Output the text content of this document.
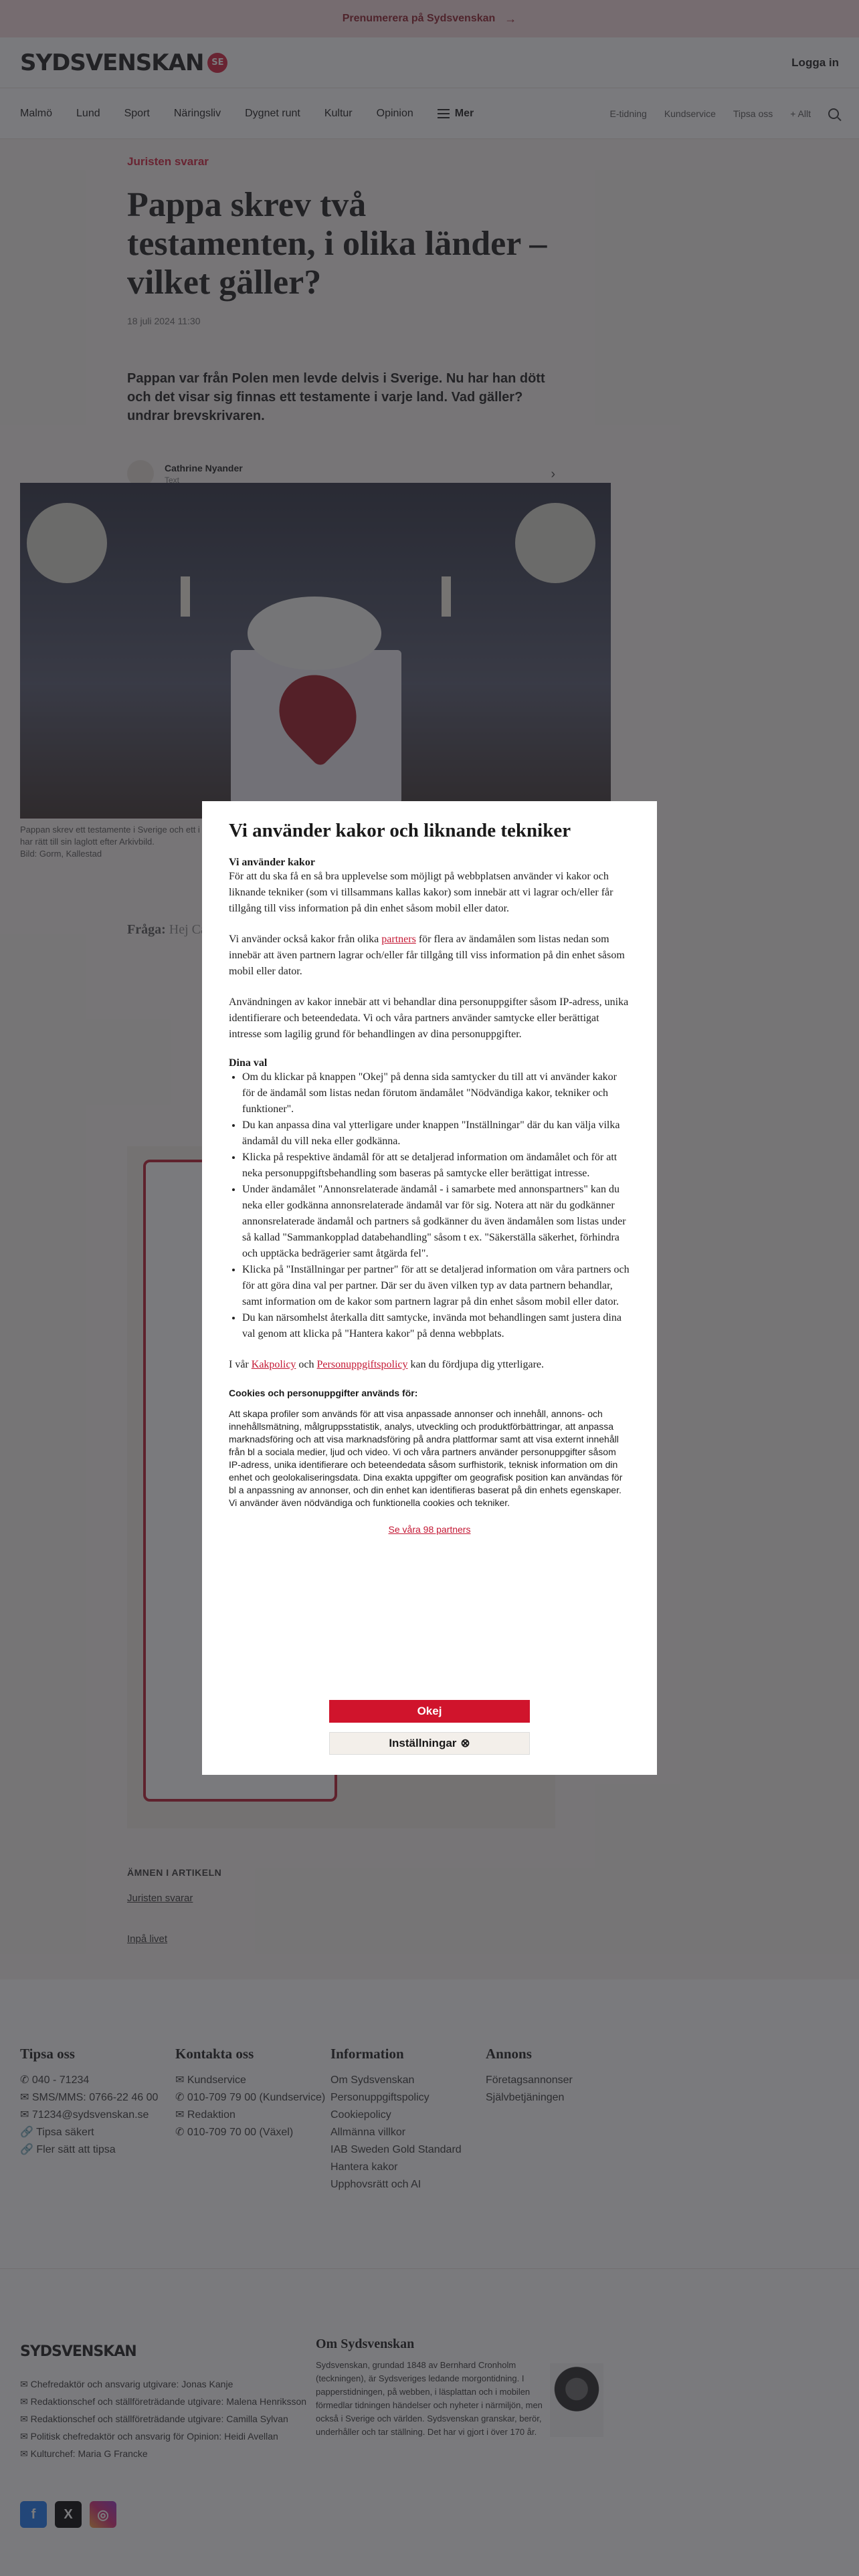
Vi använder kakor och liknande tekniker
Vi använder kakor

För att du ska få en så bra upplevelse som möjligt på webbplatsen använder vi kakor och liknande tekniker (som vi tillsammans kallas kakor) som innebär att vi lagrar och/eller får tillgång till viss information på din enhet såsom mobil eller dator.

Vi använder också kakor från olika partners för flera av ändamålen som listas nedan som innebär att även partnern lagrar och/eller får tillgång till viss information på din enhet såsom mobil eller dator.

Användningen av kakor innebär att vi behandlar dina personuppgifter såsom IP-adress, unika identifierare och beteendedata. Vi och våra partners använder samtycke eller berättigat intresse som lagilig grund för behandlingen av dina personuppgifter.

Dina val
• Om du klickar på knappen "Okej" på denna sida samtycker du till att vi använder kakor för de ändamål som listas nedan förutom ändamålet "Nödvändiga kakor, tekniker och funktioner".
• Du kan anpassa dina val ytterligare under knappen "Inställningar" där du kan välja vilka ändamål du vill neka eller godkänna.
• Klicka på respektive ändamål för att se detaljerad information om ändamålet och för att neka personuppgiftsbehandling som baseras på samtycke eller berättigat intresse.
• Under ändamålet "Annonsrelaterade ändamål - i samarbete med annonspartners" kan du neka eller godkänna annonsrelaterade ändamål var för sig. Notera att när du godkänner annonsrelaterade ändamål och partners så godkänner du även ändamålen som listas under så kallad "Sammankopplad databehandling" såsom t ex. "Säkerställa säkerhet, förhindra och upptäcka bedrägerier samt åtgärda fel".
• Klicka på "Inställningar per partner" för att se detaljerad information om våra partners och för att göra dina val per partner. Där ser du även vilken typ av data partnern behandlar, samt information om de kakor som partnern lagrar på din enhet såsom mobil eller dator.
• Du kan närsomhelst återkalla ditt samtycke, invända mot behandlingen samt justera dina val genom att klicka på "Hantera kakor" på denna webbplats.

I vår Kakpolicy och Personuppgiftspolicy kan du fördjupa dig ytterligare.

Cookies och personuppgifter används för:

Att skapa profiler som används för att visa anpassade annonser och innehåll, annons- och innehållsmätning, målgruppsstatistik, analys, utveckling och produktförbättringar, att anpassa marknadsföring och att visa marknadsföring på andra plattformar samt att visa externt innehåll från bl a sociala medier, ljud och video. Vi och våra partners använder personuppgifter såsom IP-adress, unika identifierare och beteendedata såsom surfhistorik, teknisk information om din enhet och geolokaliseringsdata. Dina exakta uppgifter om geografisk position kan användas för bl a anpassning av annonser, och din enhet kan identifieras baserat på din enhets egenskaper. Vi använder även nödvändiga och funktionella cookies och tekniker.

Se våra 98 partners
Okej
Inställningar ⊗
